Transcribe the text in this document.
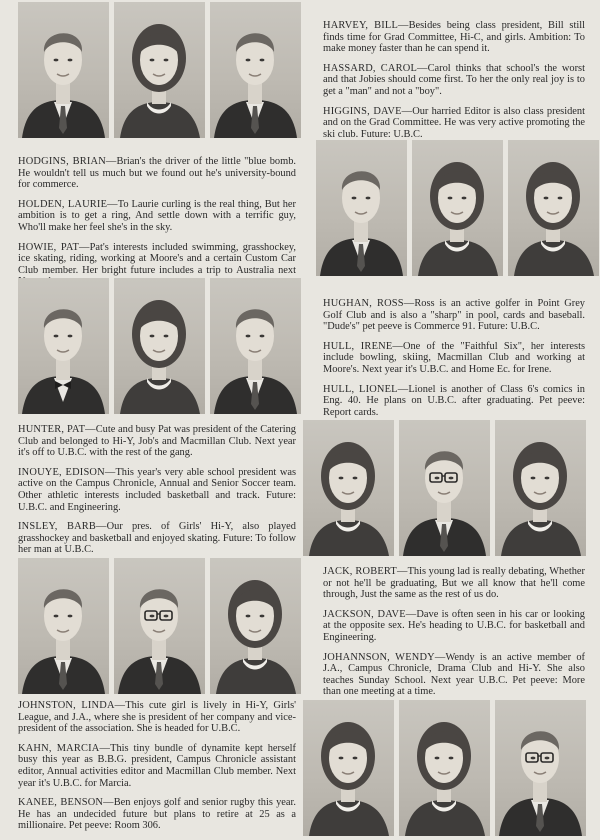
HARVEY, BILL—Besides being class president, Bill still finds time for Grad Committee, Hi-C, and girls. Ambition: To make money faster than he can spend it.

HASSARD, CAROL—Carol thinks that school's the worst and that Jobies should come first. To her the only real joy is to get a "man" and not a "boy".

HIGGINS, DAVE—Our harried Editor is also class president and on the Grad Committee. He was very active promoting the ski club. Future: U.B.C.

HODGINS, BRIAN—Brian's the driver of the little "blue bomb. He wouldn't tell us much but we found out he's university-bound for commerce.

HOLDEN, LAURIE—To Laurie curling is the real thing, But her ambition is to get a ring, And settle down with a terrific guy, Who'll make her feel she's in the sky.

HOWIE, PAT—Pat's interests included swimming, grasshockey, ice skating, riding, working at Moore's and a certain Custom Car Club member. Her bright future includes a trip to Australia next

HUGHAN, ROSS—Ross is an active golfer in Point Grey Golf Club and is also a "sharp" in pool, cards and baseball. "Dude's" pet peeve is Commerce 91. Future: U.B.C.

HULL, IRENE—One of the "Faithful Six", her interests include bowling, skiing, Macmillan Club and working at Moore's. Next year it's U.B.C. and Home Ec. for Irene.

HULL, LIONEL—Lionel is another of Class 6's comics in Eng. 40. He plans on U.B.C. after graduating. Pet peeve: Report cards.

HUNTER, PAT—Cute and busy Pat was president of the Catering Club and belonged to Hi-Y, Job's and Macmillan Club. Next year it's off to U.B.C. with the rest of the gang.

INOUYE, EDISON—This year's very able school president was active on the Campus Chronicle, Annual and Senior Soccer team. Other athletic interests included basketball and track. Future: U.B.C. and Engineering.

INSLEY, BARB—Our pres. of Girls' Hi-Y, also played grasshockey and basketball and enjoyed skating. Future: To follow her man at U.B.C.

JACK, ROBERT—This young lad is really debating, Whether or not he'll be graduating, But we all know that he'll come through, Just the same as the rest of us do.

JACKSON, DAVE—Dave is often seen in his car or looking at the opposite sex. He's heading to U.B.C. for basketball and Engineering.

JOHANNSON, WENDY—Wendy is an active member of J.A., Campus Chronicle, Drama Club and Hi-Y. She also teaches Sunday School. Next year U.B.C. Pet peeve: More than one meeting at a time.

JOHNSTON, LINDA—This cute girl is lively in Hi-Y, Girls' League, and J.A., where she is president of her company and vice-president of the association. She is headed for U.B.C.

KAHN, MARCIA—This tiny bundle of dynamite kept herself busy this year as B.B.G. president, Campus Chronicle assistant editor, Annual activities editor and Macmillan Club member. Next year it's U.B.C. for Marcia.

KANEE, BENSON—Ben enjoys golf and senior rugby this year. He has an undecided future but plans to retire at 25 as a millionaire. Pet peeve: Room 306.
